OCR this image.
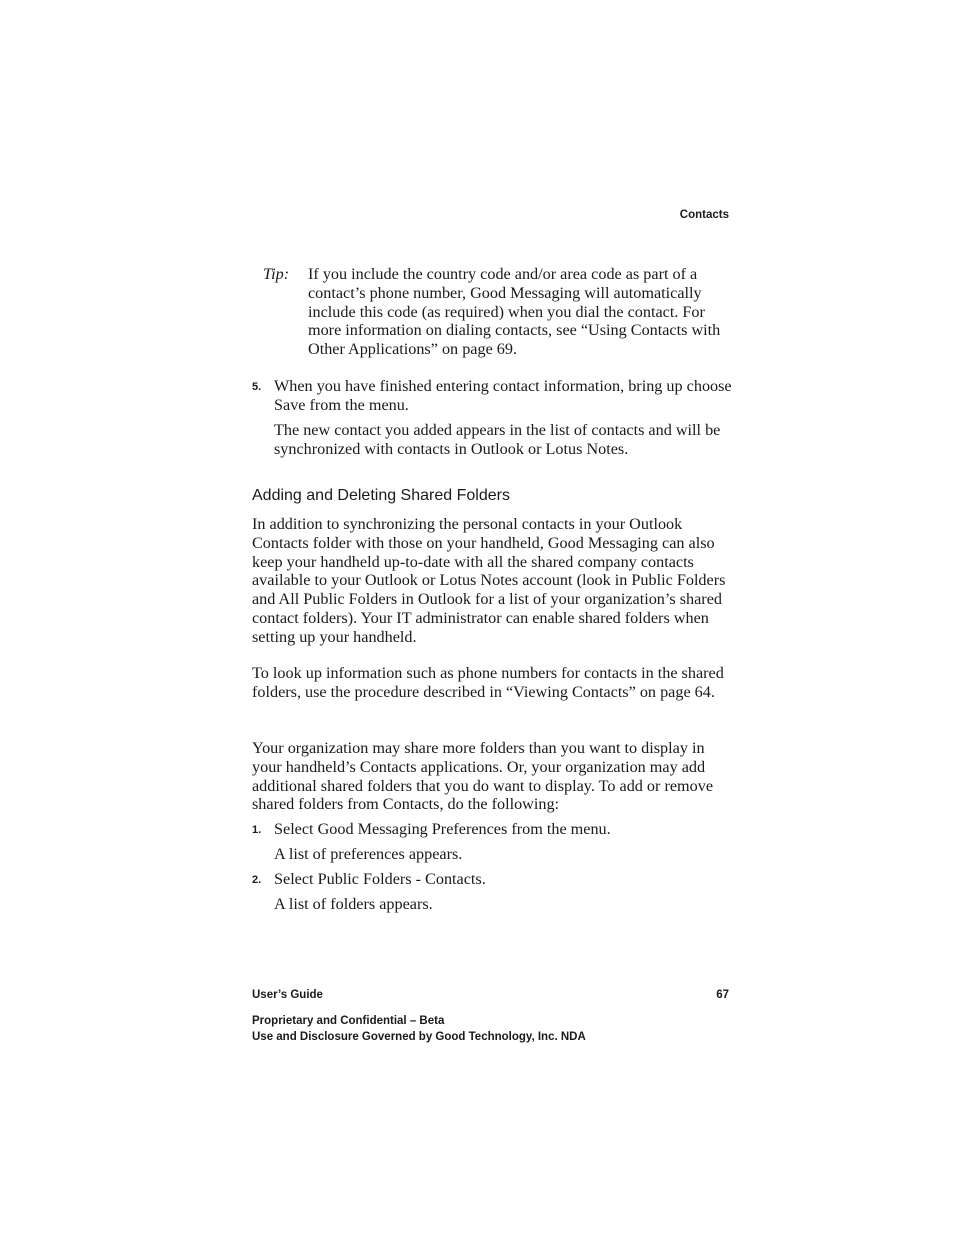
Contacts
Tip: If you include the country code and/or area code as part of a contact’s phone number, Good Messaging will automatically include this code (as required) when you dial the contact. For more information on dialing contacts, see “Using Contacts with Other Applications” on page 69.
5. When you have finished entering contact information, bring up choose Save from the menu.
The new contact you added appears in the list of contacts and will be synchronized with contacts in Outlook or Lotus Notes.
Adding and Deleting Shared Folders
In addition to synchronizing the personal contacts in your Outlook Contacts folder with those on your handheld, Good Messaging can also keep your handheld up-to-date with all the shared company contacts available to your Outlook or Lotus Notes account (look in Public Folders and All Public Folders in Outlook for a list of your organization’s shared contact folders). Your IT administrator can enable shared folders when setting up your handheld.
To look up information such as phone numbers for contacts in the shared folders, use the procedure described in “Viewing Contacts” on page 64.
Your organization may share more folders than you want to display in your handheld’s Contacts applications. Or, your organization may add additional shared folders that you do want to display. To add or remove shared folders from Contacts, do the following:
1. Select Good Messaging Preferences from the menu.
A list of preferences appears.
2. Select Public Folders - Contacts.
A list of folders appears.
User’s Guide	67
Proprietary and Confidential – Beta
Use and Disclosure Governed by Good Technology, Inc. NDA
